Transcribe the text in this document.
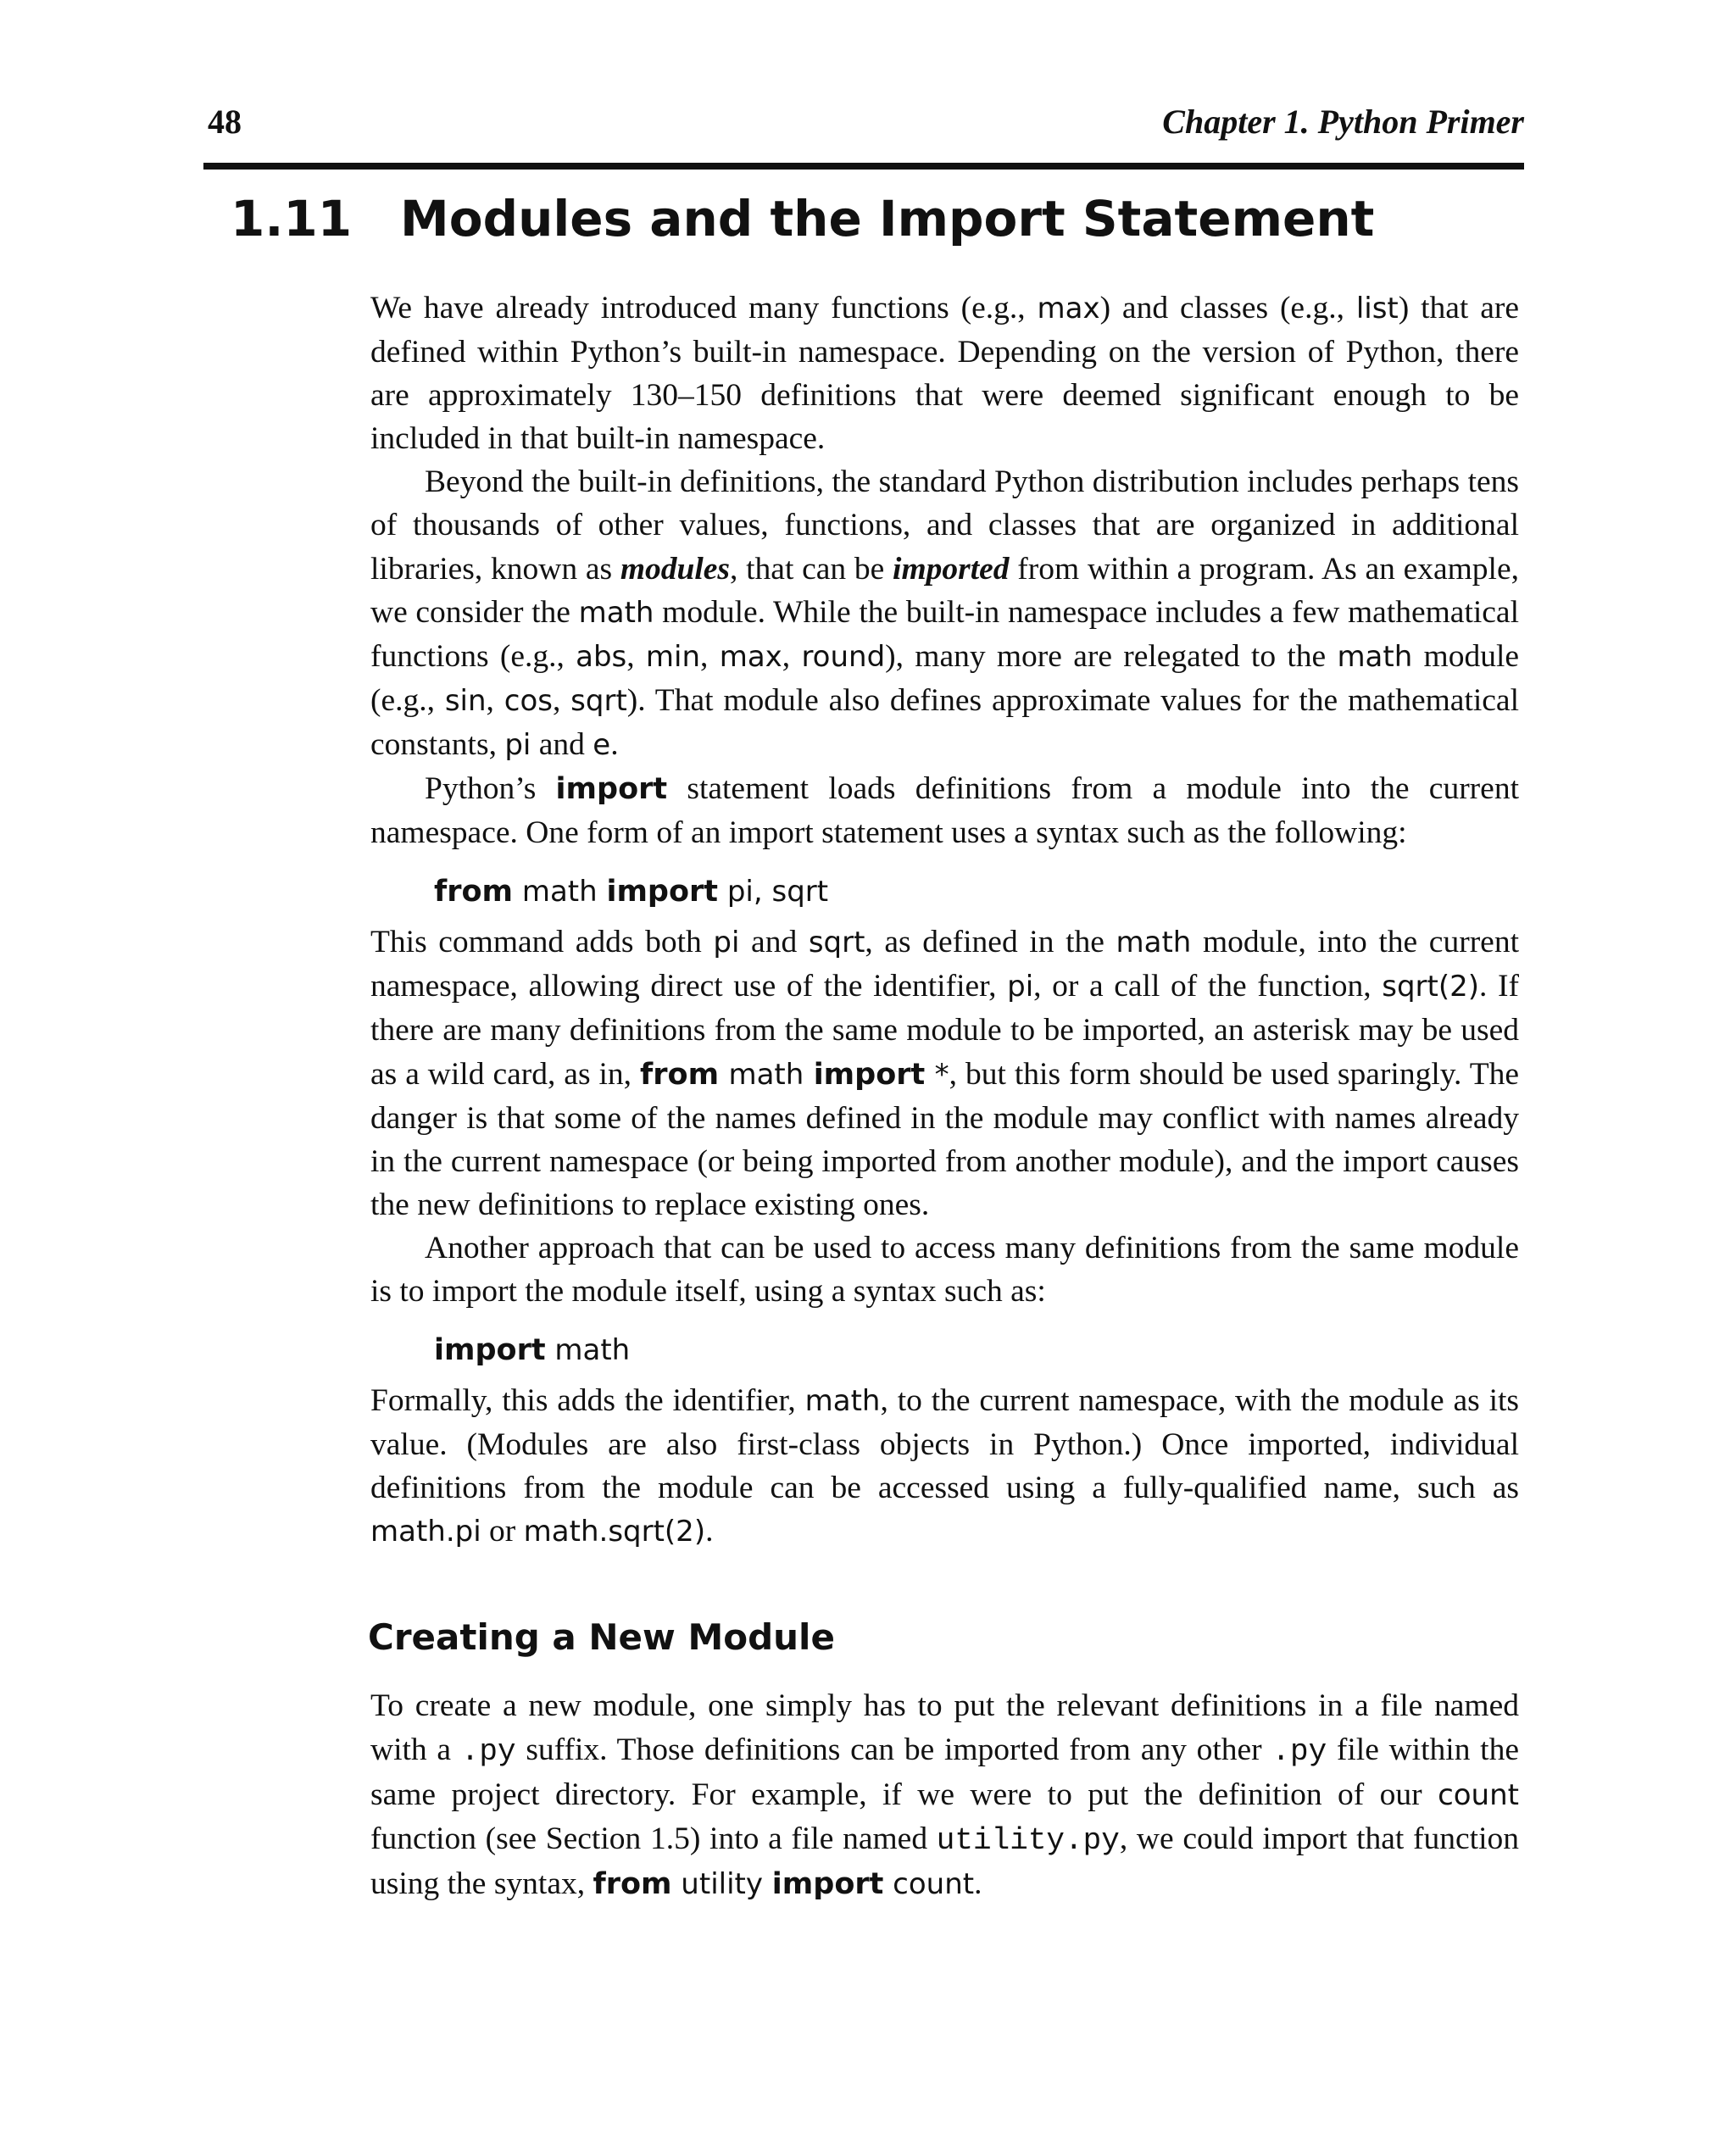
48	Chapter 1. Python Primer
1.11 Modules and the Import Statement

We have already introduced many functions (e.g., max) and classes (e.g., list) that are defined within Python’s built-in namespace. Depending on the version of Python, there are approximately 130–150 definitions that were deemed significant enough to be included in that built-in namespace.

Beyond the built-in definitions, the standard Python distribution includes perhaps tens of thousands of other values, functions, and classes that are organized in additional libraries, known as modules, that can be imported from within a program. As an example, we consider the math module. While the built-in namespace includes a few mathematical functions (e.g., abs, min, max, round), many more are relegated to the math module (e.g., sin, cos, sqrt). That module also defines approximate values for the mathematical constants, pi and e.

Python’s import statement loads definitions from a module into the current namespace. One form of an import statement uses a syntax such as the following:

from math import pi, sqrt

This command adds both pi and sqrt, as defined in the math module, into the current namespace, allowing direct use of the identifier, pi, or a call of the function, sqrt(2). If there are many definitions from the same module to be imported, an asterisk may be used as a wild card, as in, from math import *, but this form should be used sparingly. The danger is that some of the names defined in the module may conflict with names already in the current namespace (or being imported from another module), and the import causes the new definitions to replace existing ones.

Another approach that can be used to access many definitions from the same module is to import the module itself, using a syntax such as:

import math

Formally, this adds the identifier, math, to the current namespace, with the module as its value. (Modules are also first-class objects in Python.) Once imported, individual definitions from the module can be accessed using a fully-qualified name, such as math.pi or math.sqrt(2).

Creating a New Module

To create a new module, one simply has to put the relevant definitions in a file named with a .py suffix. Those definitions can be imported from any other .py file within the same project directory. For example, if we were to put the definition of our count function (see Section 1.5) into a file named utility.py, we could import that function using the syntax, from utility import count.
